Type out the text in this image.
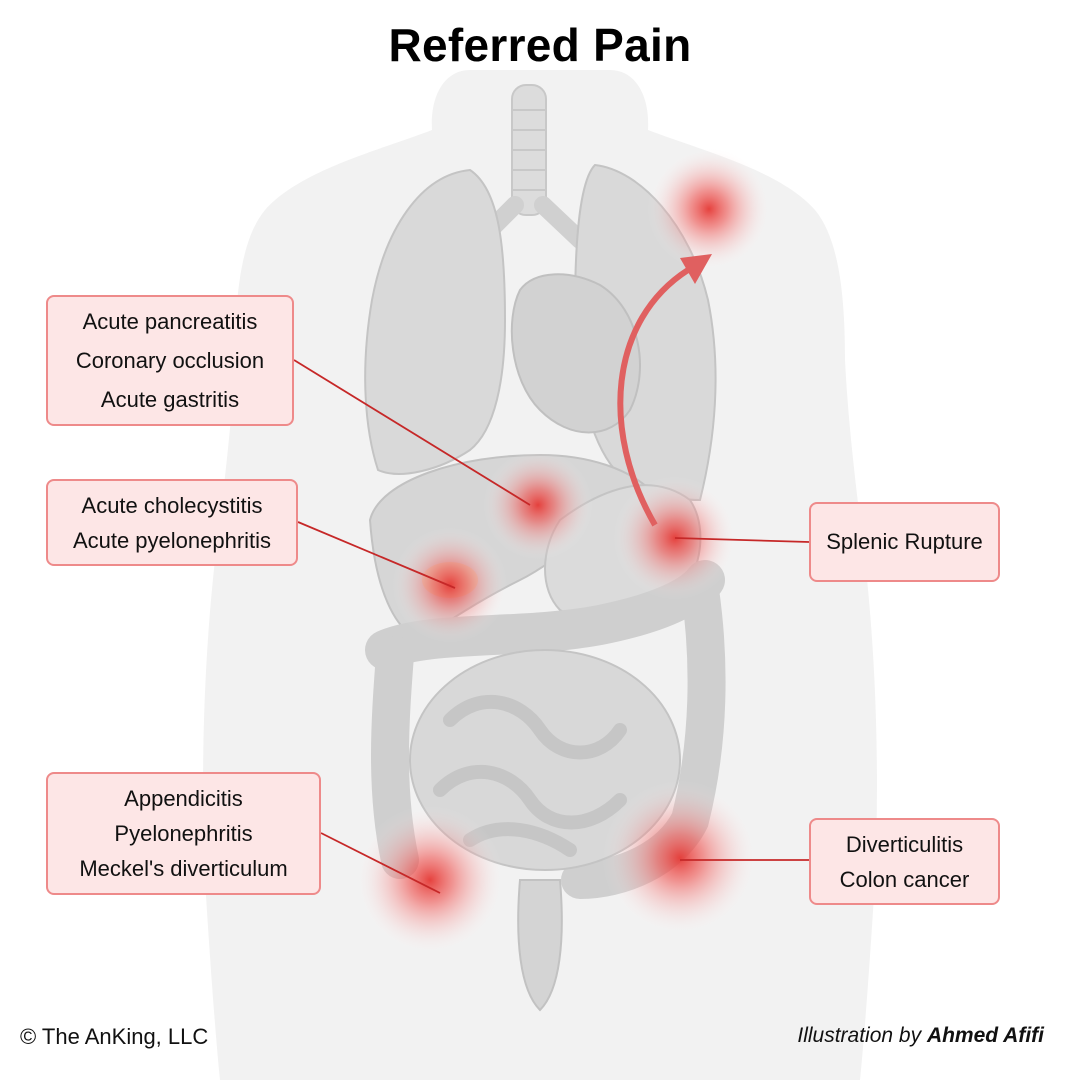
Referred Pain
Acute pancreatitis
Coronary occlusion
Acute gastritis
Acute cholecystitis
Acute pyelonephritis
Appendicitis
Pyelonephritis
Meckel's diverticulum
Splenic Rupture
Diverticulitis
Colon cancer
© The AnKing, LLC	Illustration by Ahmed Afifi
